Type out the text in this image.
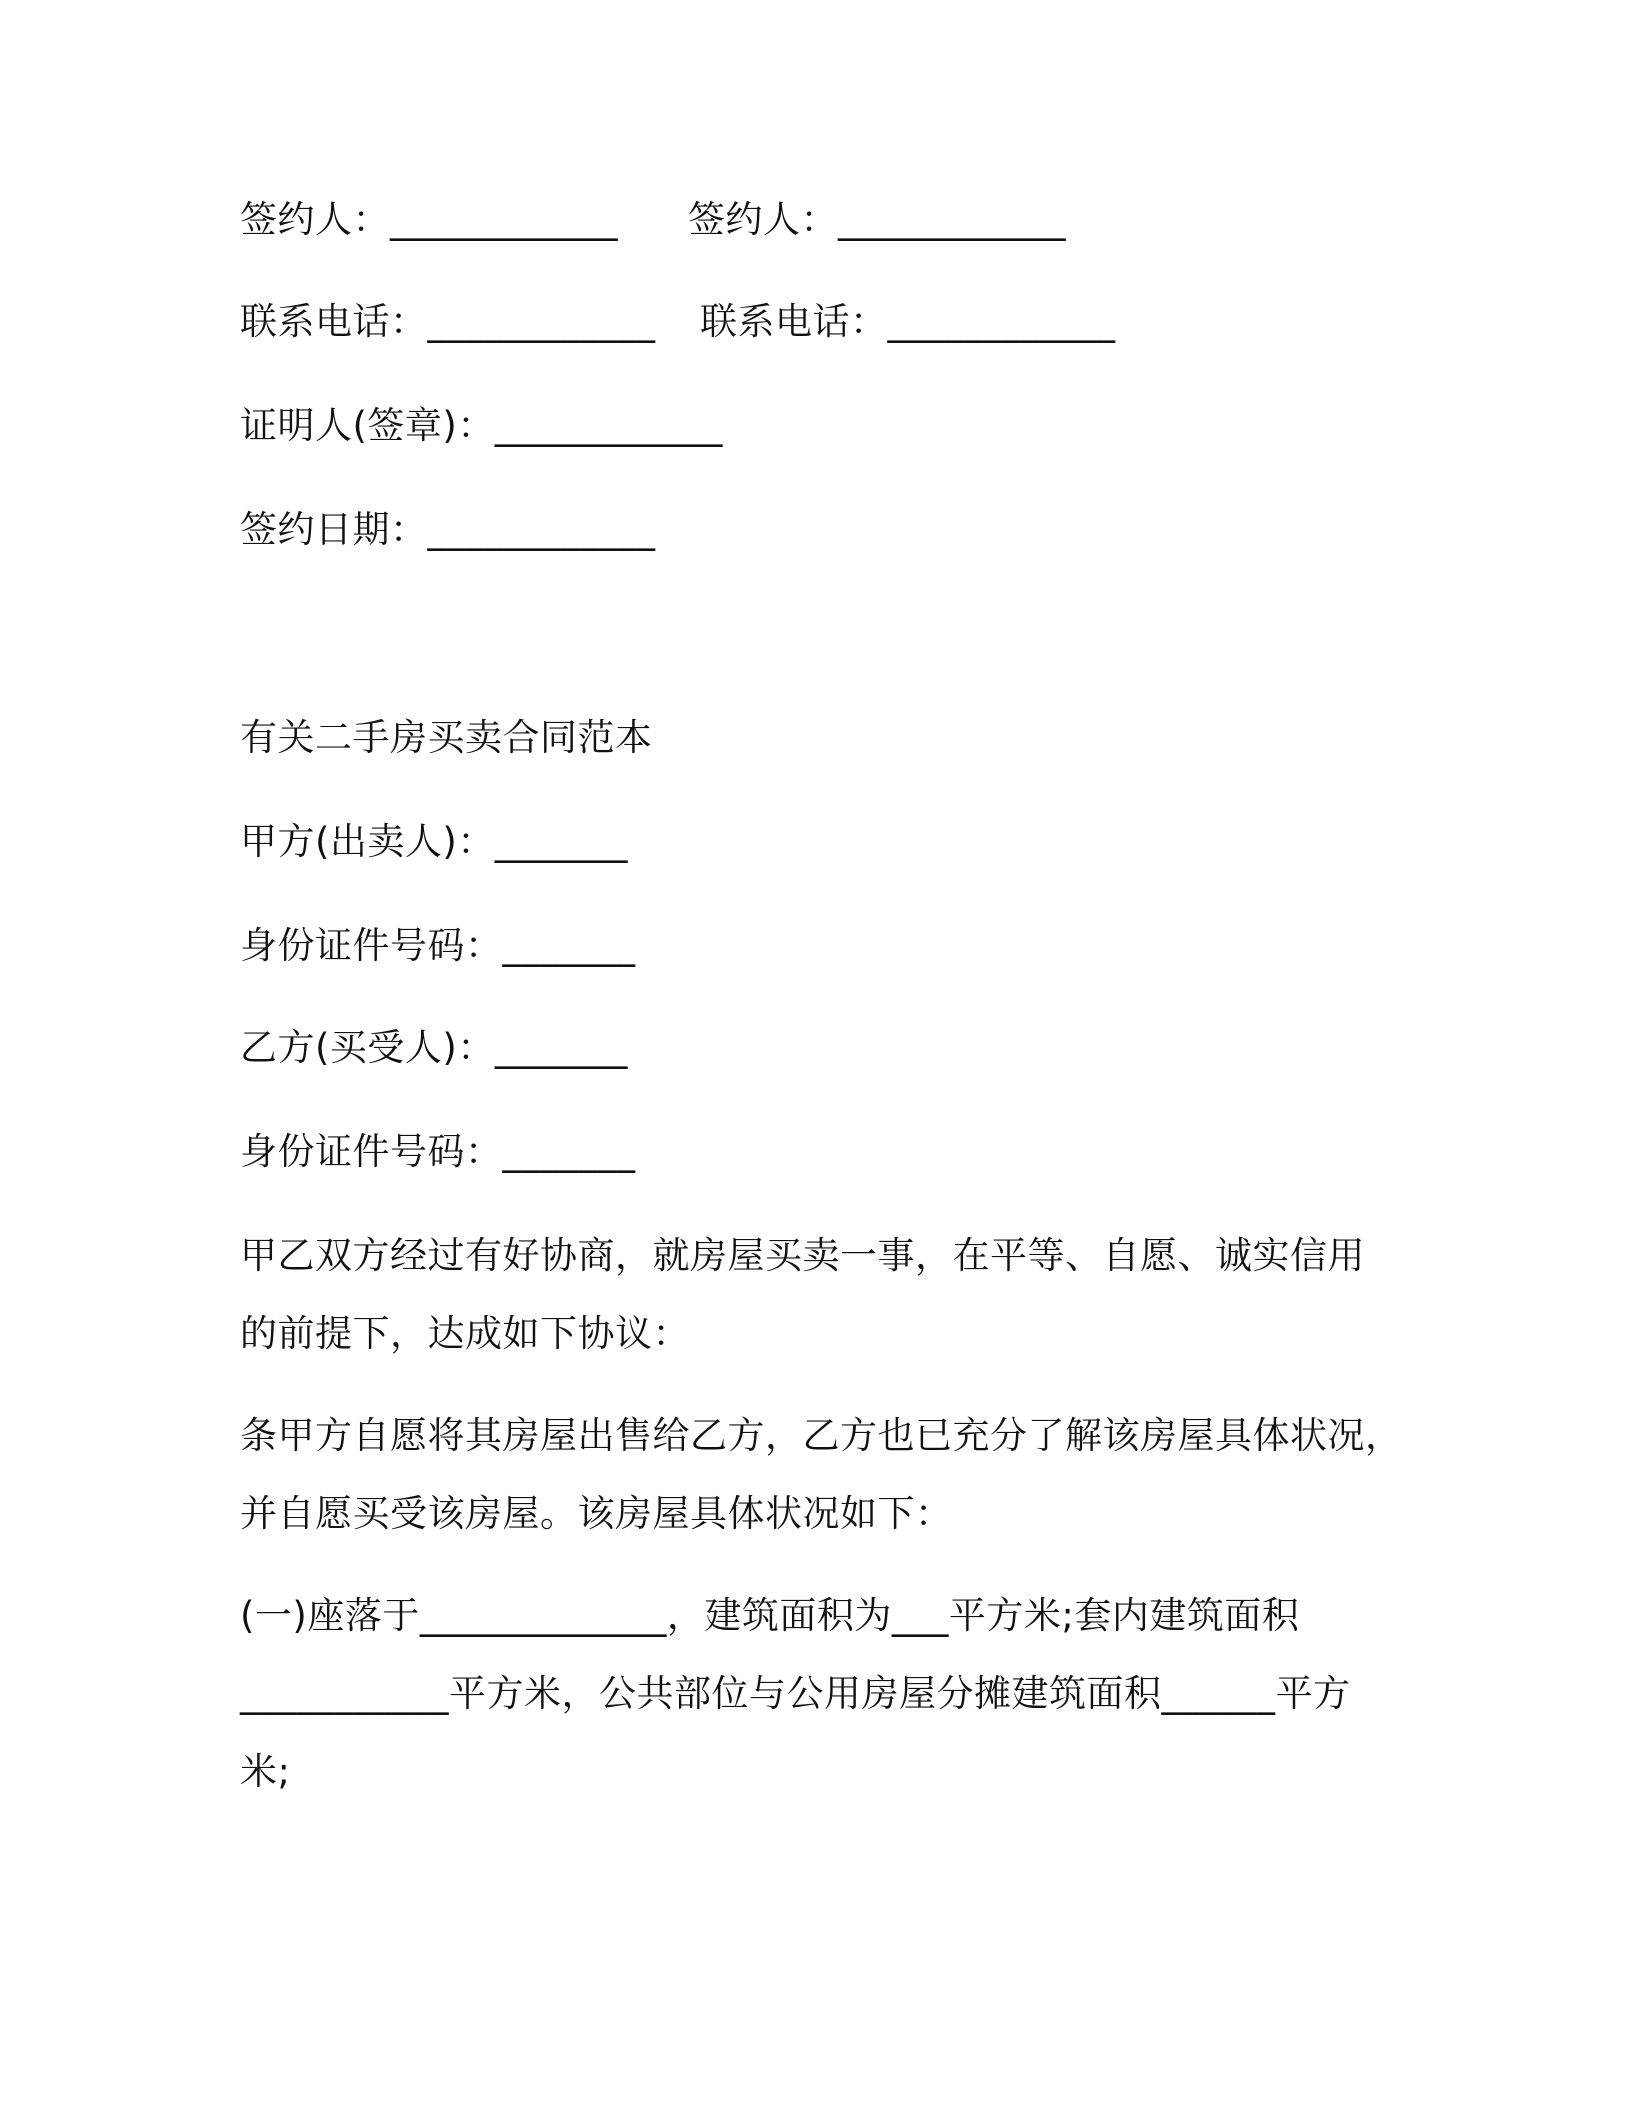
签约人：____________ 签约人：____________
联系电话：____________ 联系电话：____________
证明人(签章)：____________
签约日期：____________
有关二手房买卖合同范本
甲方(出卖人)：_______
身份证件号码：_______
乙方(买受人)：_______
身份证件号码：_______
甲乙双方经过有好协商，就房屋买卖一事，在平等、自愿、诚实信用
的前提下，达成如下协议：
条甲方自愿将其房屋出售给乙方，乙方也已充分了解该房屋具体状况，
并自愿买受该房屋。该房屋具体状况如下：
(一)座落于_____________，建筑面积为___平方米;套内建筑面积
___________平方米，公共部位与公用房屋分摊建筑面积______平方
米;
